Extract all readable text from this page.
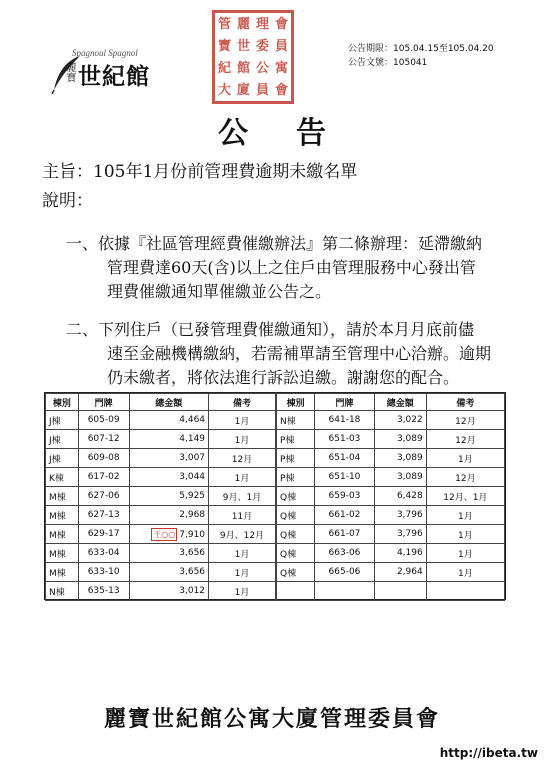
Spagnoul Spagnol
麗寶 世紀館
管 麗 理 會
寶 世 委 員
紀 館 公 寓
大 廈 員 會
公告期限：105.04.15至105.04.20
公告文號：105041
公告
主旨：105年1月份前管理費逾期未繳名單
說明：
一、依據『社區管理經費催繳辦法』第二條辦理：延滯繳納
管理費達60天(含)以上之住戶由管理服務中心發出管
理費催繳通知單催繳並公告之。
二、下列住戶（已發管理費催繳通知），請於本月月底前儘
速至金融機構繳納，若需補單請至管理中心洽辦。逾期
仍未繳者，將依法進行訴訟追繳。謝謝您的配合。
棟別	門牌	總金額	備考
J棟	605-09	4,464	1月
J棟	607-12	4,149	1月
J棟	609-08	3,007	12月
K棟	617-02	3,044	1月
M棟	627-06	5,925	9月、1月
M棟	627-13	2,968	11月
M棟	629-17	王○○ 7,910	9月、12月
M棟	633-04	3,656	1月
M棟	633-10	3,656	1月
N棟	635-13	3,012	1月
棟別	門牌	總金額	備考
N棟	641-18	3,022	12月
P棟	651-03	3,089	12月
P棟	651-04	3,089	1月
P棟	651-10	3,089	12月
Q棟	659-03	6,428	12月、1月
Q棟	661-02	3,796	1月
Q棟	661-07	3,796	1月
Q棟	663-06	4,196	1月
Q棟	665-06	2,964	1月

麗寶世紀館公寓大廈管理委員會
http://ibeta.tw
